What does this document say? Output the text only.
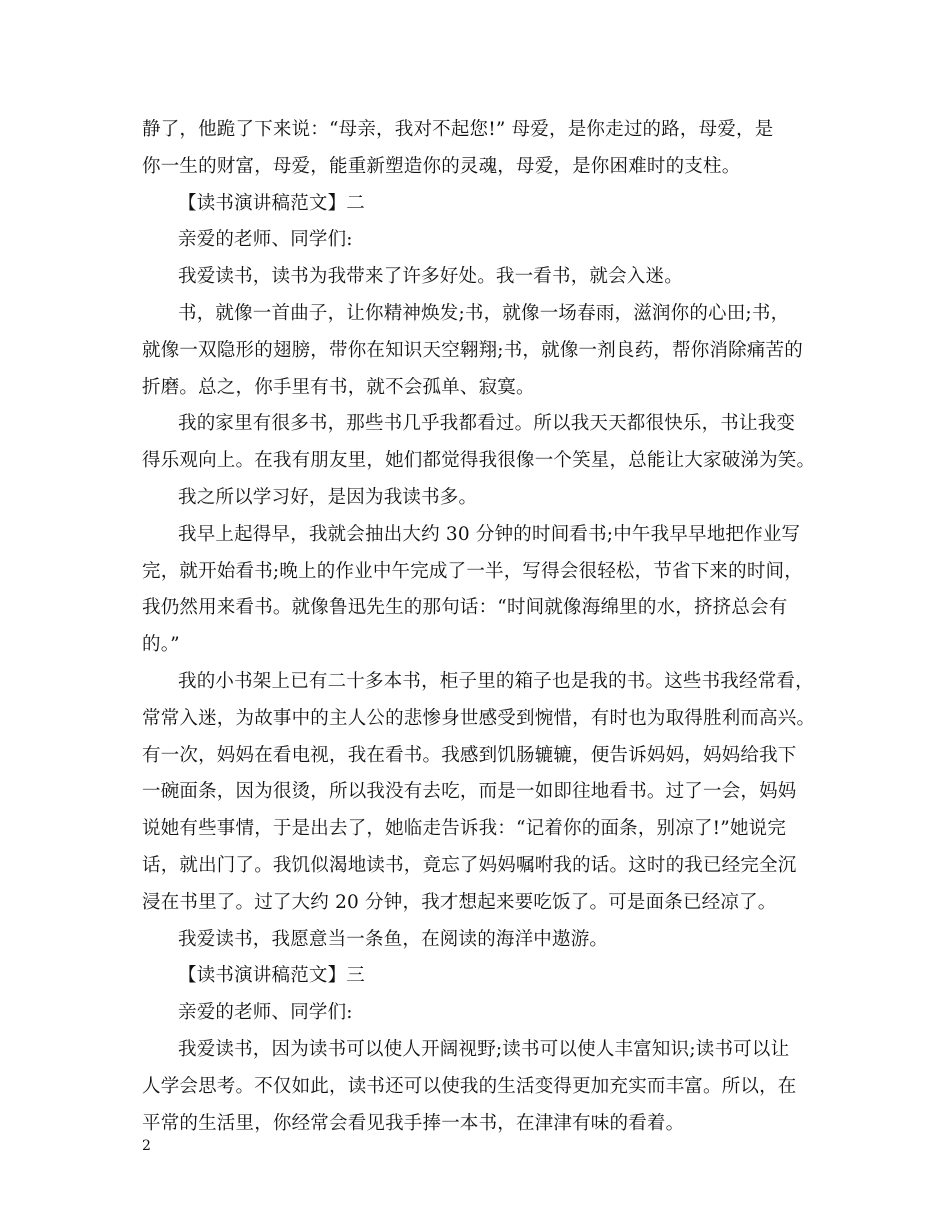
静了，他跪了下来说：“母亲，我对不起您!” 母爱，是你走过的路，母爱，是
你一生的财富，母爱，能重新塑造你的灵魂，母爱，是你困难时的支柱。
【读书演讲稿范文】二
亲爱的老师、同学们:
我爱读书，读书为我带来了许多好处。我一看书，就会入迷。
书，就像一首曲子，让你精神焕发;书，就像一场春雨，滋润你的心田;书，
就像一双隐形的翅膀，带你在知识天空翱翔;书，就像一剂良药，帮你消除痛苦的
折磨。总之，你手里有书，就不会孤单、寂寞。
我的家里有很多书，那些书几乎我都看过。所以我天天都很快乐，书让我变
得乐观向上。在我有朋友里，她们都觉得我很像一个笑星，总能让大家破涕为笑。
我之所以学习好，是因为我读书多。
我早上起得早，我就会抽出大约 30 分钟的时间看书;中午我早早地把作业写
完，就开始看书;晚上的作业中午完成了一半，写得会很轻松，节省下来的时间，
我仍然用来看书。就像鲁迅先生的那句话：“时间就像海绵里的水，挤挤总会有
的。”
我的小书架上已有二十多本书，柜子里的箱子也是我的书。这些书我经常看，
常常入迷，为故事中的主人公的悲惨身世感受到惋惜，有时也为取得胜利而高兴。
有一次，妈妈在看电视，我在看书。我感到饥肠辘辘，便告诉妈妈，妈妈给我下
一碗面条，因为很烫，所以我没有去吃，而是一如即往地看书。过了一会，妈妈
说她有些事情，于是出去了，她临走告诉我：“记着你的面条，别凉了!”她说完
话，就出门了。我饥似渴地读书，竟忘了妈妈嘱咐我的话。这时的我已经完全沉
浸在书里了。过了大约 20 分钟，我才想起来要吃饭了。可是面条已经凉了。
我爱读书，我愿意当一条鱼，在阅读的海洋中遨游。
【读书演讲稿范文】三
亲爱的老师、同学们:
我爱读书，因为读书可以使人开阔视野;读书可以使人丰富知识;读书可以让
人学会思考。不仅如此，读书还可以使我的生活变得更加充实而丰富。所以，在
平常的生活里，你经常会看见我手捧一本书，在津津有味的看着。
2
